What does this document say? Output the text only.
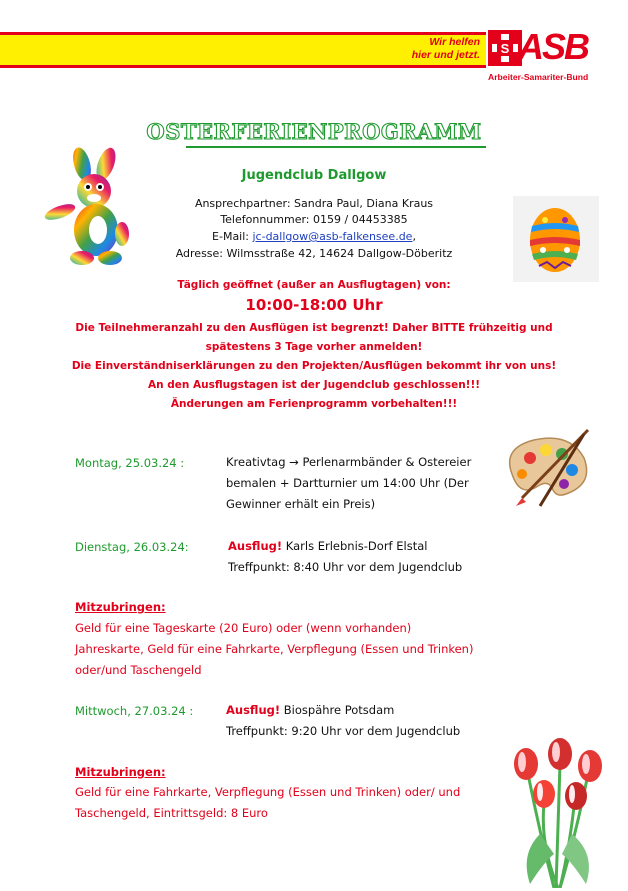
Wir helfen
hier und jetzt. S ASB
Arbeiter-Samariter-Bund
OSTERFERIENPROGRAMM
Jugendclub Dallgow
Ansprechpartner: Sandra Paul, Diana Kraus
Telefonnummer: 0159 / 04453385
E-Mail: jc-dallgow@asb-falkensee.de,
Adresse: Wilmsstraße 42, 14624 Dallgow-Döberitz
Täglich geöffnet (außer an Ausflugtagen) von:
10:00-18:00 Uhr
Die Teilnehmeranzahl zu den Ausflügen ist begrenzt! Daher BITTE frühzeitig und
spätestens 3 Tage vorher anmelden!
Die Einverständniserklärungen zu den Projekten/Ausflügen bekommt ihr von uns!
An den Ausflugstagen ist der Jugendclub geschlossen!!!
Änderungen am Ferienprogramm vorbehalten!!!
Montag, 25.03.24 :	Kreativtag → Perlenarmbänder & Ostereier
bemalen + Dartturnier um 14:00 Uhr (Der
Gewinner erhält ein Preis)
Dienstag, 26.03.24:	Ausflug! Karls Erlebnis-Dorf Elstal
Treffpunkt: 8:40 Uhr vor dem Jugendclub
Mitzubringen:
Geld für eine Tageskarte (20 Euro) oder (wenn vorhanden)
Jahreskarte, Geld für eine Fahrkarte, Verpflegung (Essen und Trinken)
oder/und Taschengeld
Mittwoch, 27.03.24 :	Ausflug! Biospähre Potsdam
Treffpunkt: 9:20 Uhr vor dem Jugendclub
Mitzubringen:
Geld für eine Fahrkarte, Verpflegung (Essen und Trinken) oder/ und
Taschengeld, Eintrittsgeld: 8 Euro
